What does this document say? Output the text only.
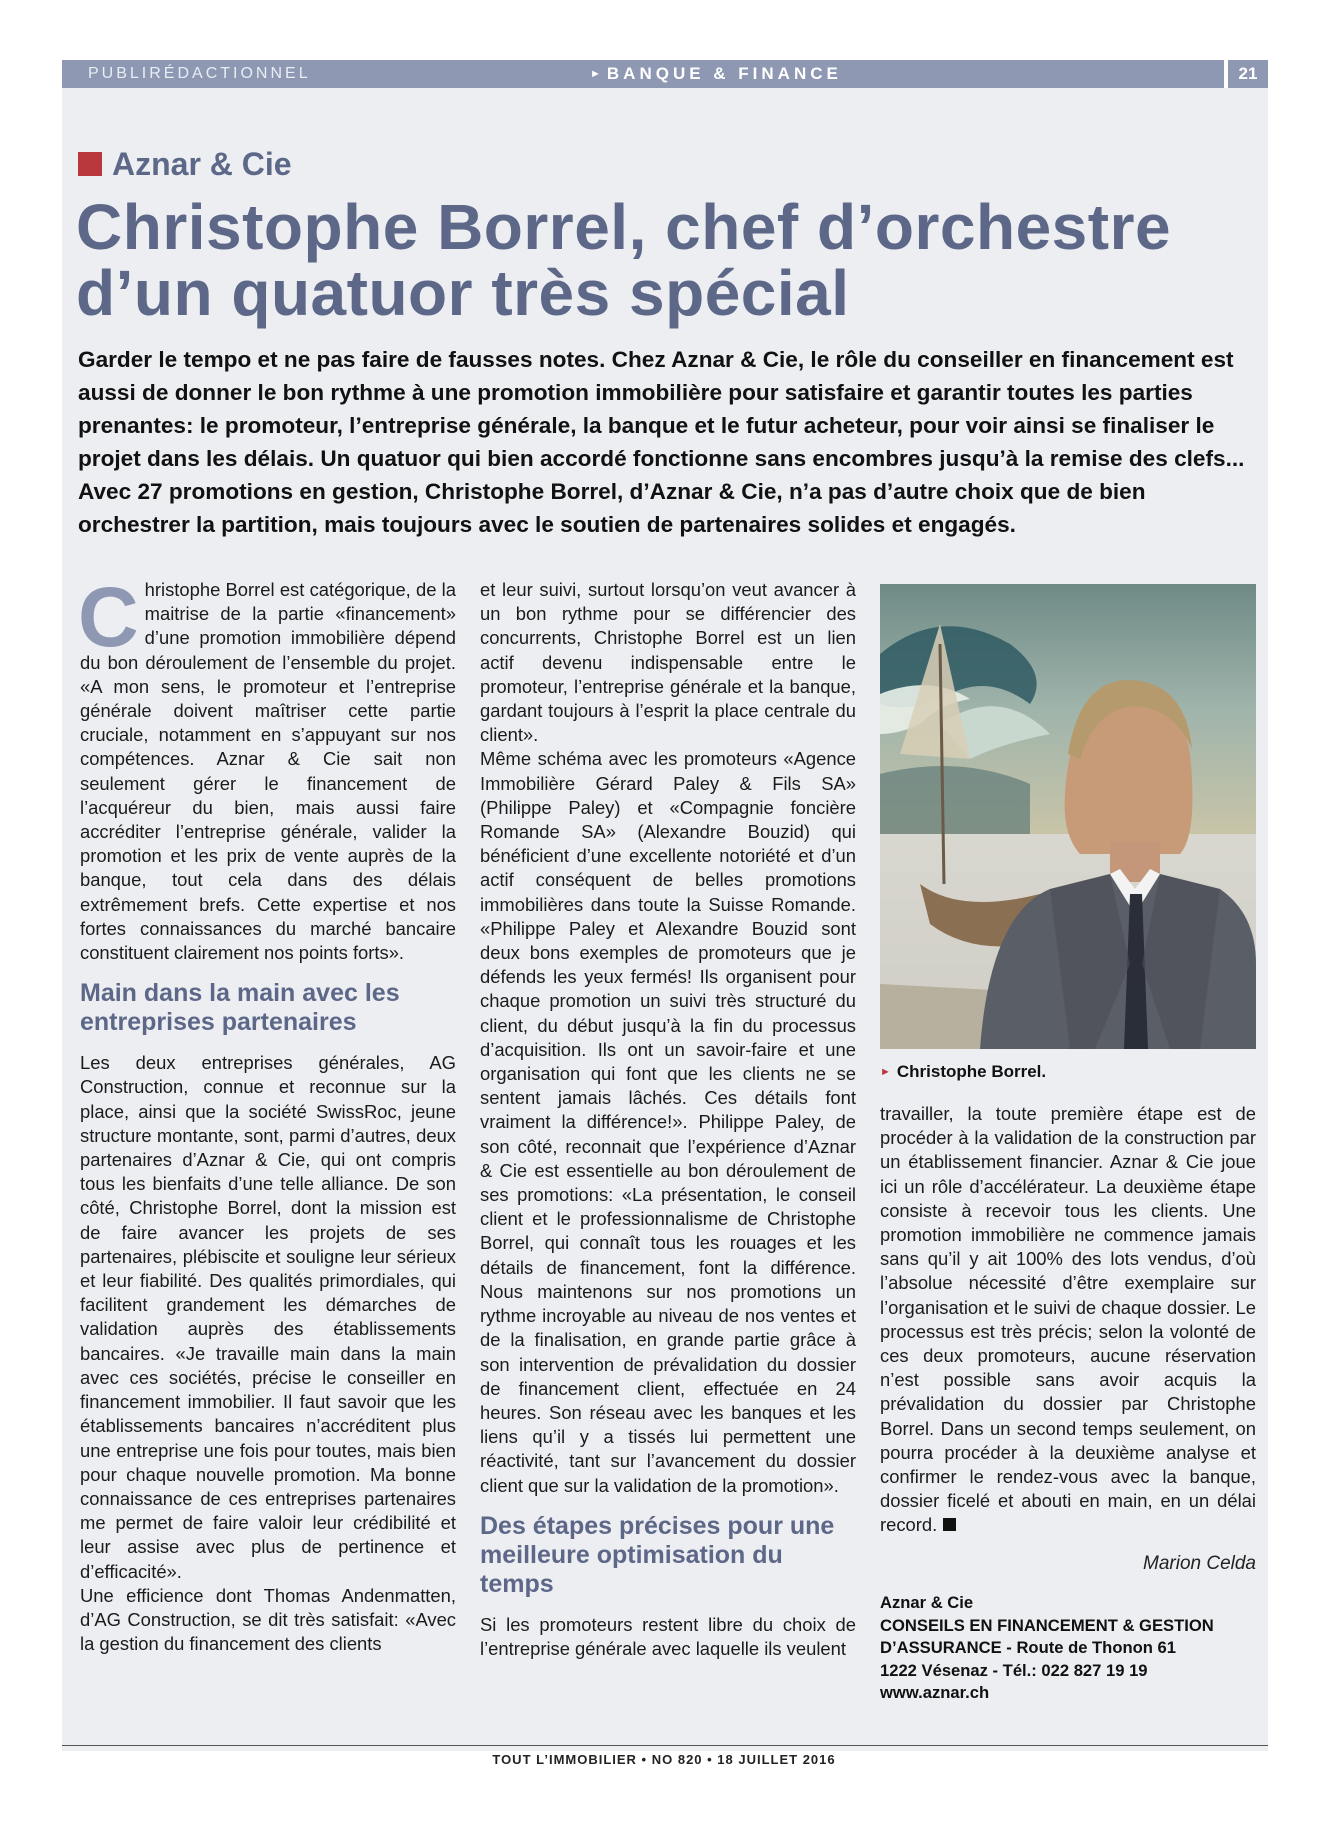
PUBLIRÉDACTIONNEL	► BANQUE & FINANCE	21
Aznar & Cie
Christophe Borrel, chef d’orchestre
d’un quatuor très spécial
Garder le tempo et ne pas faire de fausses notes. Chez Aznar & Cie, le rôle du conseiller en financement est aussi de donner le bon rythme à une promotion immobilière pour satisfaire et garantir toutes les parties prenantes: le promoteur, l’entreprise générale, la banque et le futur acheteur, pour voir ainsi se finaliser le projet dans les délais. Un quatuor qui bien accordé fonctionne sans encombres jusqu’à la remise des clefs... Avec 27 promotions en gestion, Christophe Borrel, d’Aznar & Cie, n’a pas d’autre choix que de bien orchestrer la partition, mais toujours avec le soutien de partenaires solides et engagés.

Christophe Borrel est catégorique, de la maitrise de la partie «financement» d’une promotion immobilière dépend du bon déroulement de l’ensemble du projet. «A mon sens, le promoteur et l’entreprise générale doivent maîtriser cette partie cruciale, notamment en s’appuyant sur nos compétences. Aznar & Cie sait non seulement gérer le financement de l’acquéreur du bien, mais aussi faire accréditer l’entreprise générale, valider la promotion et les prix de vente auprès de la banque, tout cela dans des délais extrêmement brefs. Cette expertise et nos fortes connaissances du marché bancaire constituent clairement nos points forts».

Main dans la main avec les entreprises partenaires

Les deux entreprises générales, AG Construction, connue et reconnue sur la place, ainsi que la société SwissRoc, jeune structure montante, sont, parmi d’autres, deux partenaires d’Aznar & Cie, qui ont compris tous les bienfaits d’une telle alliance. De son côté, Christophe Borrel, dont la mission est de faire avancer les projets de ses partenaires, plébiscite et souligne leur sérieux et leur fiabilité. Des qualités primordiales, qui facilitent grandement les démarches de validation auprès des établissements bancaires. «Je travaille main dans la main avec ces sociétés, précise le conseiller en financement immobilier. Il faut savoir que les établissements bancaires n’accréditent plus une entreprise une fois pour toutes, mais bien pour chaque nouvelle promotion. Ma bonne connaissance de ces entreprises partenaires me permet de faire valoir leur crédibilité et leur assise avec plus de pertinence et d’efficacité».

Une efficience dont Thomas Andenmatten, d’AG Construction, se dit très satisfait: «Avec la gestion du financement des clients

et leur suivi, surtout lorsqu’on veut avancer à un bon rythme pour se différencier des concurrents, Christophe Borrel est un lien actif devenu indispensable entre le promoteur, l’entreprise générale et la banque, gardant toujours à l’esprit la place centrale du client».

Même schéma avec les promoteurs «Agence Immobilière Gérard Paley & Fils SA» (Philippe Paley) et «Compagnie foncière Romande SA» (Alexandre Bouzid) qui bénéficient d’une excellente notoriété et d’un actif conséquent de belles promotions immobilières dans toute la Suisse Romande. «Philippe Paley et Alexandre Bouzid sont deux bons exemples de promoteurs que je défends les yeux fermés! Ils organisent pour chaque promotion un suivi très structuré du client, du début jusqu’à la fin du processus d’acquisition. Ils ont un savoir-faire et une organisation qui font que les clients ne se sentent jamais lâchés. Ces détails font vraiment la différence!». Philippe Paley, de son côté, reconnait que l’expérience d’Aznar & Cie est essentielle au bon déroulement de ses promotions: «La présentation, le conseil client et le professionnalisme de Christophe Borrel, qui connaît tous les rouages et les détails de financement, font la différence. Nous maintenons sur nos promotions un rythme incroyable au niveau de nos ventes et de la finalisation, en grande partie grâce à son intervention de prévalidation du dossier de financement client, effectuée en 24 heures. Son réseau avec les banques et les liens qu’il y a tissés lui permettent une réactivité, tant sur l’avancement du dossier client que sur la validation de la promotion».

Des étapes précises pour une meilleure optimisation du temps

Si les promoteurs restent libre du choix de l’entreprise générale avec laquelle ils veulent

► Christophe Borrel.

travailler, la toute première étape est de procéder à la validation de la construction par un établissement financier. Aznar & Cie joue ici un rôle d’accélérateur. La deuxième étape consiste à recevoir tous les clients. Une promotion immobilière ne commence jamais sans qu’il y ait 100% des lots vendus, d’où l’absolue nécessité d’être exemplaire sur l’organisation et le suivi de chaque dossier. Le processus est très précis; selon la volonté de ces deux promoteurs, aucune réservation n’est possible sans avoir acquis la prévalidation du dossier par Christophe Borrel. Dans un second temps seulement, on pourra procéder à la deuxième analyse et confirmer le rendez-vous avec la banque, dossier ficelé et abouti en main, en un délai record.

Marion Celda
Aznar & Cie
CONSEILS EN FINANCEMENT & GESTION
D’ASSURANCE - Route de Thonon 61
1222 Vésenaz - Tél.: 022 827 19 19
www.aznar.ch
TOUT L’IMMOBILIER • NO 820 • 18 JUILLET 2016
